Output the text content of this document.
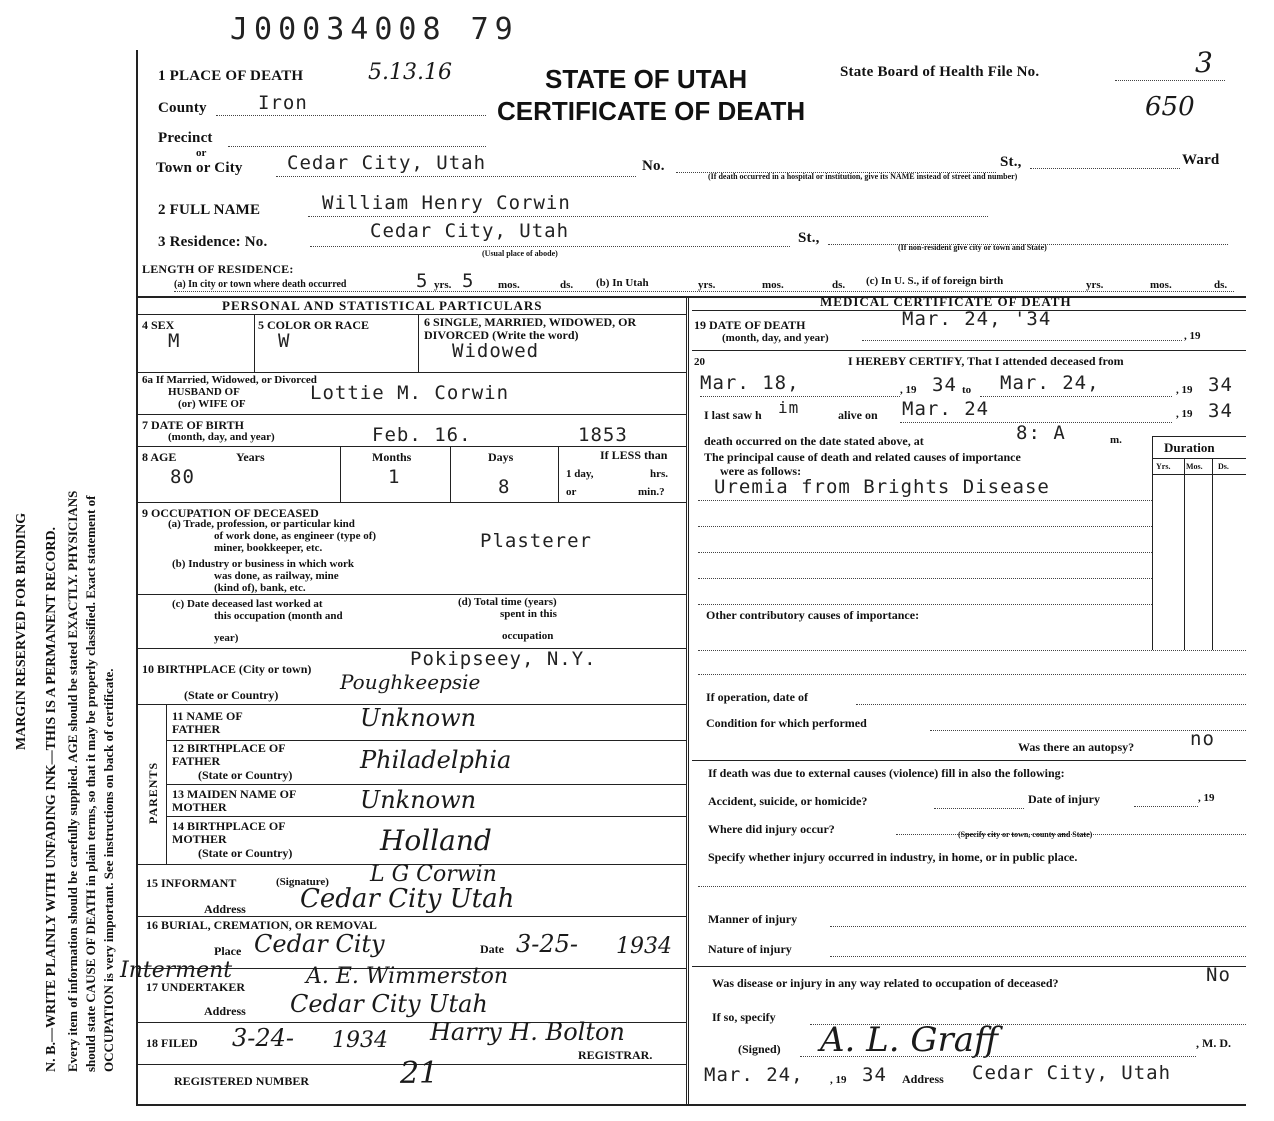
MARGIN RESERVED FOR BINDING N. B.—WRITE PLAINLY WITH UNFADING INK—THIS IS A PERMANENT RECORD. Every item of information should be carefully supplied. AGE should be stated EXACTLY. PHYSICIANS should state CAUSE OF DEATH in plain terms, so that it may be properly classified. Exact statement of OCCUPATION is very important. See instructions on back of certificate.
J00034008 79
1 PLACE OF DEATH	5.13.16	STATE OF UTAH
CERTIFICATE OF DEATH
State Board of Health File No.	3
650
County	Iron
Precinct
or
Town or City Cedar City, Utah	No.	St.,	Ward
(If death occurred in a hospital or institution, give its NAME instead of street and number)
2 FULL NAME	William Henry Corwin
3 Residence: No.	Cedar City, Utah
(Usual place of abode)
St.,
(If non-resident give city or town and State)
LENGTH OF RESIDENCE:
(a) In city or town where death occurred	5 yrs. 5 mos.	ds. (b) In Utah	yrs.	mos.	ds. (c) In U. S., if of foreign birth	yrs.	mos.	ds.
PERSONAL AND STATISTICAL PARTICULARS	MEDICAL CERTIFICATE OF DEATH
4 SEX
M
5 COLOR OR RACE
W
6 SINGLE, MARRIED, WIDOWED, OR DIVORCED (Write the word)
Widowed
6a If Married, Widowed, or Divorced
HUSBAND OF
(or) WIFE OF	Lottie M. Corwin
7 DATE OF BIRTH
(month, day, and year)	Feb. 16.	1853
8 AGE	Years	Months	Days
80	1	8
If LESS than
1 day,	hrs.
or	min.?
9 OCCUPATION OF DECEASED
(a) Trade, profession, or particular kind
of work done, as engineer (type of)
miner, bookkeeper, etc.	Plasterer
(b) Industry or business in which work
was done, as railway, mine
(kind of), bank, etc.
(c) Date deceased last worked at
this occupation (month and
year)
(d) Total time (years)
spent in this
occupation
10 BIRTHPLACE (City or town)	Pokipseey, N.Y.
(State or Country)
Poughkeepsie
PARENTS
11 NAME OF FATHER	Unknown
12 BIRTHPLACE OF FATHER
(State or Country)
Philadelphia
13 MAIDEN NAME OF MOTHER	Unknown
14 BIRTHPLACE OF MOTHER
(State or Country)	Holland
15 INFORMANT	(Signature) L G Corwin
Address Cedar City Utah
16 BURIAL, CREMATION, OR REMOVAL
Place Cedar City	Date 3-25- 1934
Interment
17 UNDERTAKER	A. E. Wimmerston
Address Cedar City Utah
18 FILED 3-24- 1934 Harry H. Bolton
REGISTRAR.
REGISTERED NUMBER	21
19 DATE OF DEATH
(month, day, and year)
Mar. 24, '34
, 19
20	I HEREBY CERTIFY, That I attended deceased from
Mar. 18,	, 19 34 to Mar. 24,	, 19 34
I last saw h im	alive on Mar. 24	, 19 34
death occurred on the date stated above, at	8: A	m.	Duration
Yrs. Mos. Ds.
The principal cause of death and related causes of importance
were as follows:
Uremia from Brights Disease
Other contributory causes of importance:
If operation, date of
Condition for which performed
Was there an autopsy?	no
If death was due to external causes (violence) fill in also the following:
Accident, suicide, or homicide?	Date of injury	, 19
Where did injury occur?	(Specify city or town, county and State)
Specify whether injury occurred in industry, in home, or in public place.
Manner of injury
Nature of injury
Was disease or injury in any way related to occupation of deceased?	No
If so, specify
(Signed) A. L. Graff	, M. D.
Mar. 24, , 19 34 Address Cedar City, Utah
